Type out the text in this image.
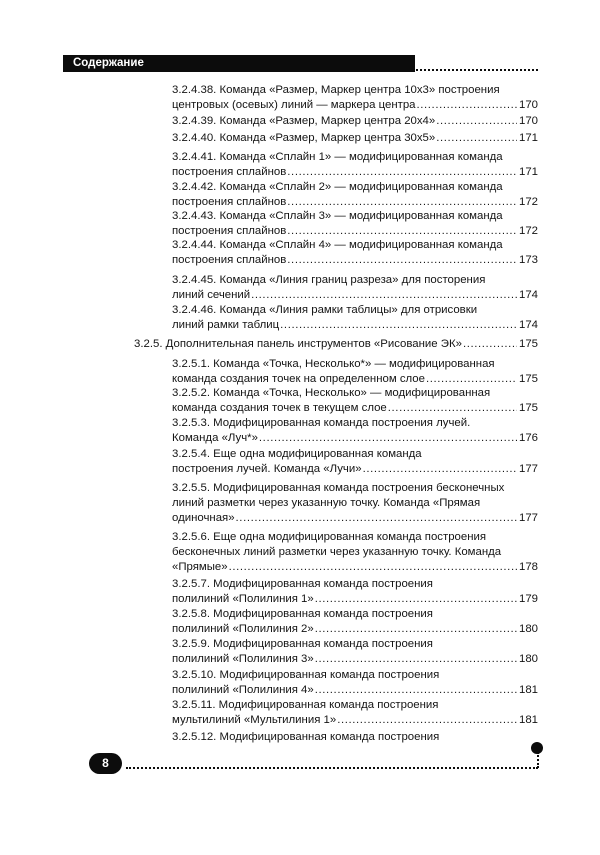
Содержание
3.2.4.38. Команда «Размер, Маркер центра 10х3» построения
центровых (осевых) линий — маркера центра .....	170
3.2.4.39. Команда «Размер, Маркер центра 20х4» .....	170
3.2.4.40. Команда «Размер, Маркер центра 30х5» .....	171
3.2.4.41. Команда «Сплайн 1» — модифицированная команда
построения сплайнов .....	171
3.2.4.42. Команда «Сплайн 2» — модифицированная команда
построения сплайнов .....	172
3.2.4.43. Команда «Сплайн 3» — модифицированная команда
построения сплайнов .....	172
3.2.4.44. Команда «Сплайн 4» — модифицированная команда
построения сплайнов .....	173
3.2.4.45. Команда «Линия границ разреза» для посторения
линий сечений .....	174
3.2.4.46. Команда «Линия рамки таблицы» для отрисовки
линий рамки таблиц .....	174
3.2.5. Дополнительная панель инструментов «Рисование ЭК» .....	175
3.2.5.1. Команда «Точка, Несколько*» — модифицированная
команда создания точек на определенном слое .....	175
3.2.5.2. Команда «Точка, Несколько» — модифицированная
команда создания точек в текущем слое .....	175
3.2.5.3. Модифицированная команда построения лучей.
Команда «Луч*» .....	176
3.2.5.4. Еще одна модифицированная команда
построения лучей. Команда «Лучи» .....	177
3.2.5.5. Модифицированная команда построения бесконечных
линий разметки через указанную точку. Команда «Прямая
одиночная» .....	177
3.2.5.6. Еще одна модифицированная команда построения
бесконечных линий разметки через указанную точку. Команда
«Прямые» .....	178
3.2.5.7. Модифицированная команда построения
полилиний «Полилиния 1» .....	179
3.2.5.8. Модифицированная команда построения
полилиний «Полилиния 2» .....	180
3.2.5.9. Модифицированная команда построения
полилиний «Полилиния 3» .....	180
3.2.5.10. Модифицированная команда построения
полилиний «Полилиния 4» .....	181
3.2.5.11. Модифицированная команда построения
мультилиний «Мультилиния 1» .....	181
3.2.5.12. Модифицированная команда построения
8
